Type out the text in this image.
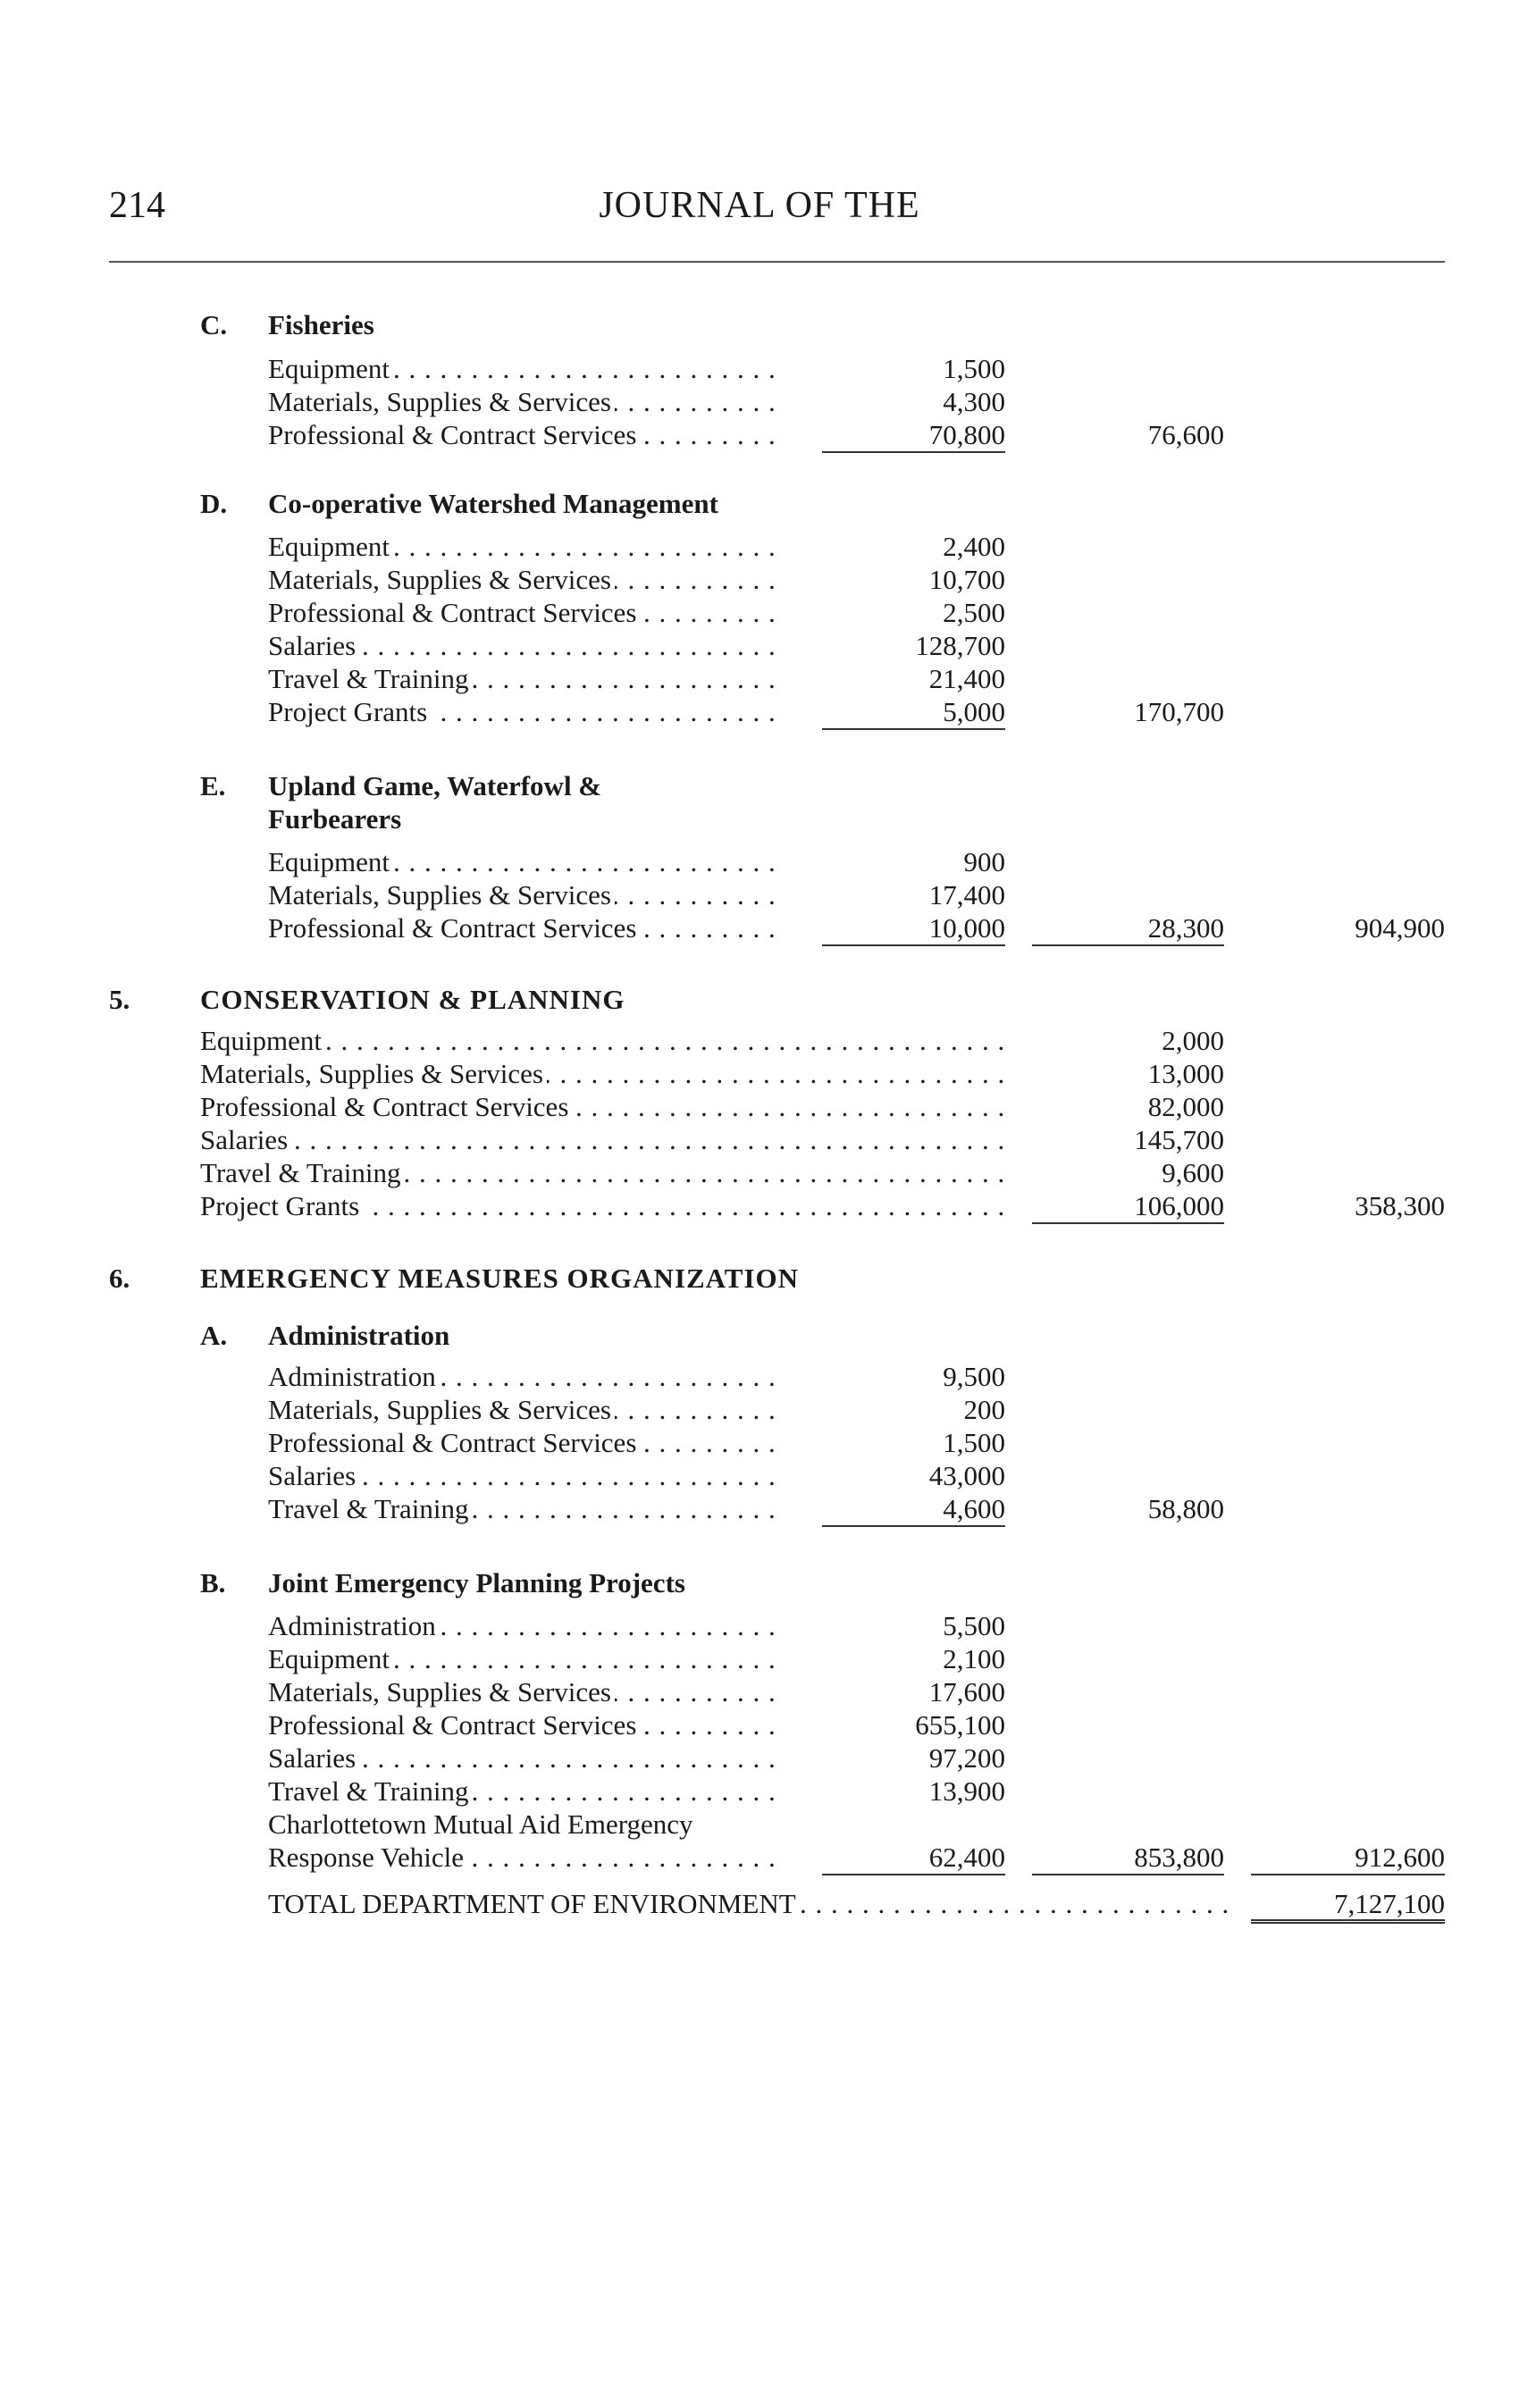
214	JOURNAL OF THE
C. Fisheries
Equipment . . .	1,500
Materials, Supplies & Services . . .	4,300
Professional & Contract Services . . .	70,800	76,600
D. Co-operative Watershed Management
Equipment . . .	2,400
Materials, Supplies & Services . . .	10,700
Professional & Contract Services . . .	2,500
Salaries . . .	128,700
Travel & Training . . .	21,400
Project Grants . . .	5,000	170,700
E. Upland Game, Waterfowl &
Furbearers
Equipment . . .	900
Materials, Supplies & Services . . .	17,400
Professional & Contract Services . . .	10,000	28,300	904,900
5.	CONSERVATION & PLANNING
Equipment . . .	2,000
Materials, Supplies & Services . . .	13,000
Professional & Contract Services . . .	82,000
Salaries . . .	145,700
Travel & Training . . .	9,600
Project Grants . . .	106,000	358,300
6.	EMERGENCY MEASURES ORGANIZATION
A. Administration
Administration . . .	9,500
Materials, Supplies & Services . . .	200
Professional & Contract Services . . .	1,500
Salaries . . .	43,000
Travel & Training . . .	4,600	58,800
B. Joint Emergency Planning Projects
Administration . . .	5,500
Equipment . . .	2,100
Materials, Supplies & Services . . .	17,600
Professional & Contract Services . . .	655,100
Salaries . . .	97,200
Travel & Training . . .	13,900
Charlottetown Mutual Aid Emergency
Response Vehicle . . .	62,400	853,800	912,600
TOTAL DEPARTMENT OF ENVIRONMENT . . .	7,127,100
